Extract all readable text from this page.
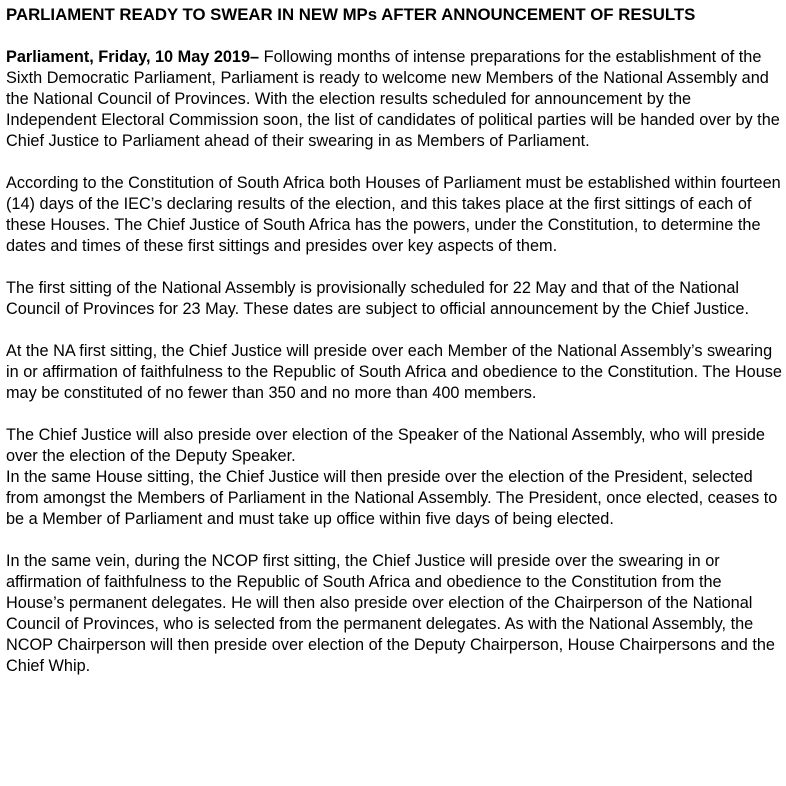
PARLIAMENT READY TO SWEAR IN NEW MPs AFTER ANNOUNCEMENT OF RESULTS

Parliament, Friday, 10 May 2019– Following months of intense preparations for the establishment of the Sixth Democratic Parliament, Parliament is ready to welcome new Members of the National Assembly and the National Council of Provinces. With the election results scheduled for announcement by the Independent Electoral Commission soon, the list of candidates of political parties will be handed over by the Chief Justice to Parliament ahead of their swearing in as Members of Parliament.

According to the Constitution of South Africa both Houses of Parliament must be established within fourteen (14) days of the IEC’s declaring results of the election, and this takes place at the first sittings of each of these Houses. The Chief Justice of South Africa has the powers, under the Constitution, to determine the dates and times of these first sittings and presides over key aspects of them.

The first sitting of the National Assembly is provisionally scheduled for 22 May and that of the National Council of Provinces for 23 May. These dates are subject to official announcement by the Chief Justice.

At the NA first sitting, the Chief Justice will preside over each Member of the National Assembly’s swearing in or affirmation of faithfulness to the Republic of South Africa and obedience to the Constitution. The House may be constituted of no fewer than 350 and no more than 400 members.

The Chief Justice will also preside over election of the Speaker of the National Assembly, who will preside over the election of the Deputy Speaker.

In the same House sitting, the Chief Justice will then preside over the election of the President, selected from amongst the Members of Parliament in the National Assembly. The President, once elected, ceases to be a Member of Parliament and must take up office within five days of being elected.

In the same vein, during the NCOP first sitting, the Chief Justice will preside over the swearing in or affirmation of faithfulness to the Republic of South Africa and obedience to the Constitution from the House’s permanent delegates. He will then also preside over election of the Chairperson of the National Council of Provinces, who is selected from the permanent delegates. As with the National Assembly, the NCOP Chairperson will then preside over election of the Deputy Chairperson, House Chairpersons and the Chief Whip.
